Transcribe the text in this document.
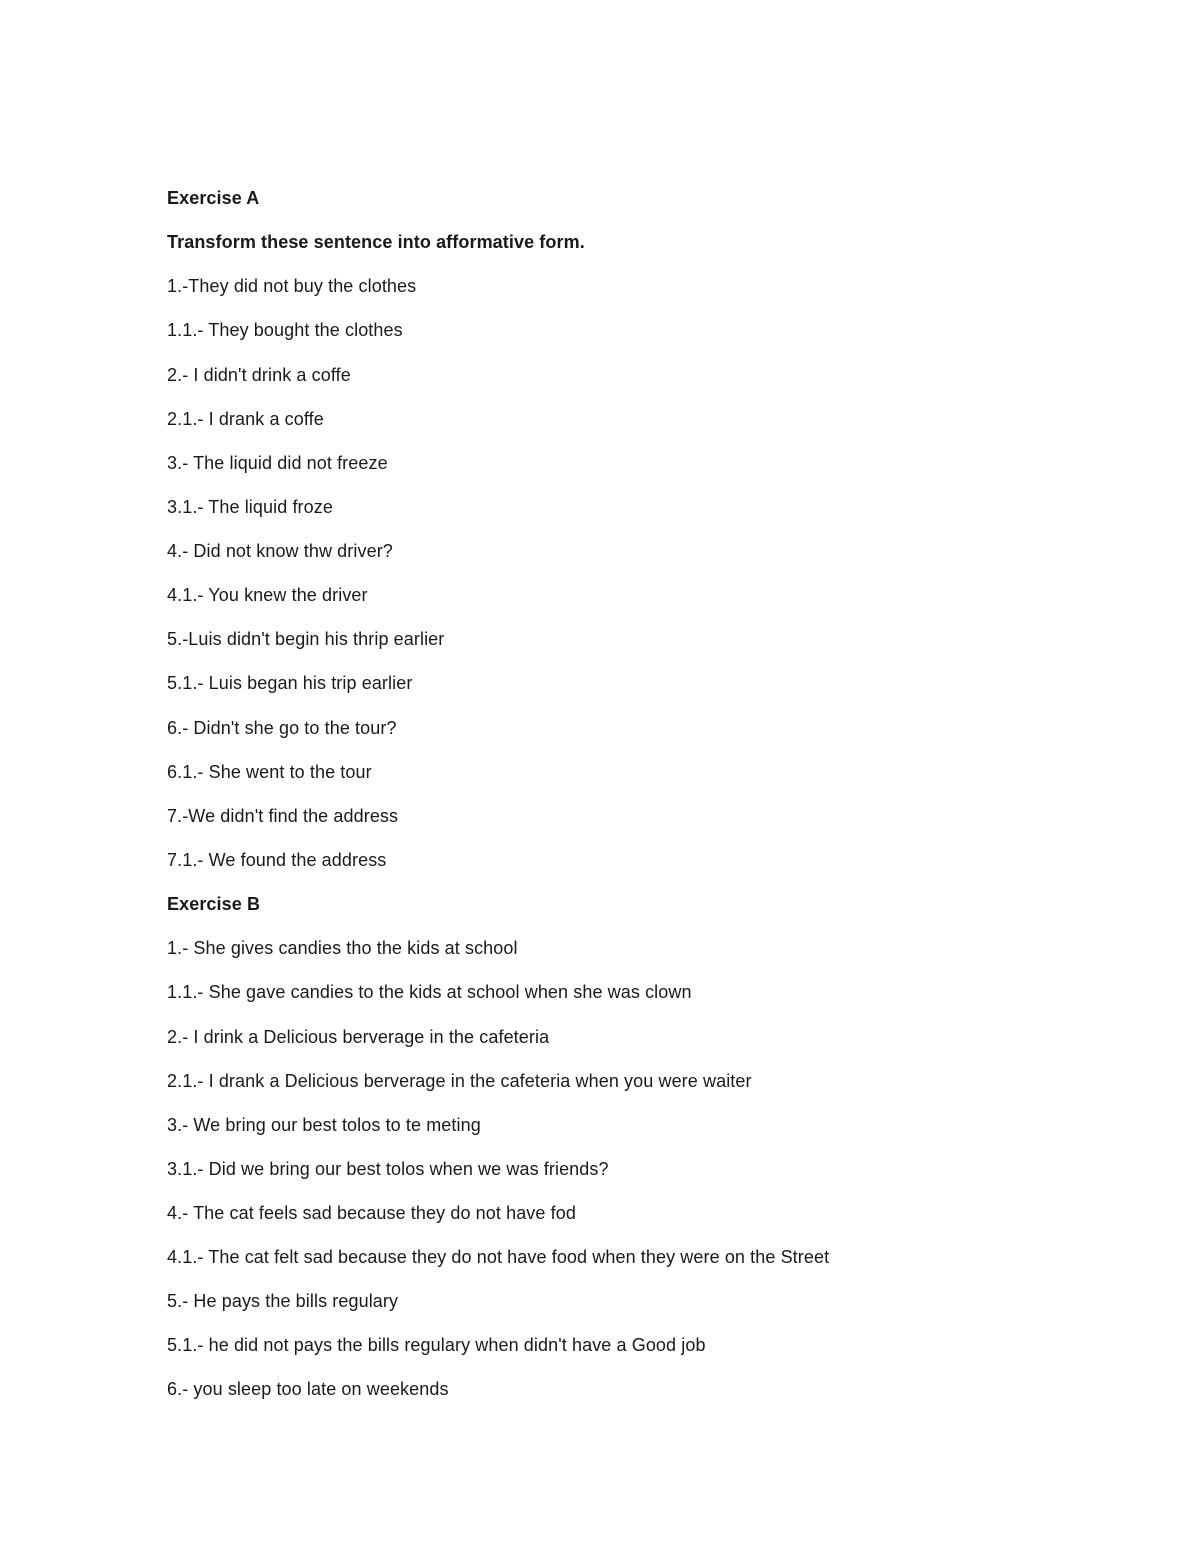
Exercise A
Transform these sentence into afformative form.
1.-They did not buy the clothes
1.1.- They bought the clothes
2.- I didn't drink a coffe
2.1.- I drank a coffe
3.- The liquid did not freeze
3.1.- The liquid froze
4.- Did not know thw driver?
4.1.- You knew the driver
5.-Luis didn't begin his thrip earlier
5.1.- Luis began his trip earlier
6.- Didn't she go to the tour?
6.1.- She went to the tour
7.-We didn't find the address
7.1.- We found the address
Exercise B
1.- She gives candies tho the kids at school
1.1.- She gave candies to the kids at school when she was clown
2.- I drink a Delicious berverage in the cafeteria
2.1.- I drank a Delicious berverage in the cafeteria when you were waiter
3.- We bring our best tolos to te meting
3.1.- Did we bring our best tolos when we was friends?
4.- The cat feels sad because they do not have fod
4.1.- The cat felt sad because they do not have food when they were on the Street
5.- He pays the bills regulary
5.1.- he did not pays the bills regulary when didn't have a Good job
6.- you sleep too late on weekends
